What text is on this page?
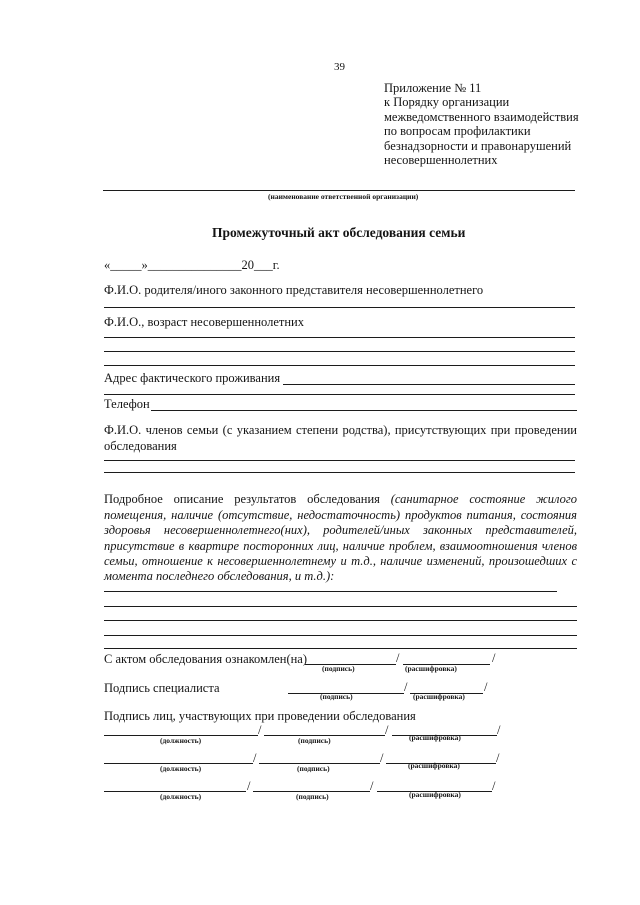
39
Приложение № 11
к Порядку организации
межведомственного взаимодействия
по вопросам профилактики
безнадзорности и правонарушений
несовершеннолетних
(наименование ответственной организации)
Промежуточный акт обследования семьи
«_____»_______________20___г.
Ф.И.О. родителя/иного законного представителя несовершеннолетнего
Ф.И.О., возраст несовершеннолетних
Адрес фактического проживания
Телефон
Ф.И.О. членов семьи (с указанием степени родства), присутствующих при проведении
обследования
Подробное описание результатов обследования (санитарное состояние жилого
помещения, наличие (отсутствие, недостаточность) продуктов питания, состояния
здоровья несовершеннолетнего(них), родителей/иных законных представителей,
присутствие в квартире посторонних лиц, наличие проблем, взаимоотношения членов
семьи, отношение к несовершеннолетнему и т.д., наличие изменений, произошедших с
момента последнего обследования, и т.д.):
С актом обследования ознакомлен(на)	/	/
(подпись)	(расшифровка)
Подпись специалиста	/	/
(подпись)	(расшифровка)
Подпись лиц, участвующих при проведении обследования
/	/	/
(должность)	(подпись)	(расшифровка)
/	/	/
(должность)	(подпись)	(расшифровка)
/	/	/
(должность)	(подпись)	(расшифровка)
